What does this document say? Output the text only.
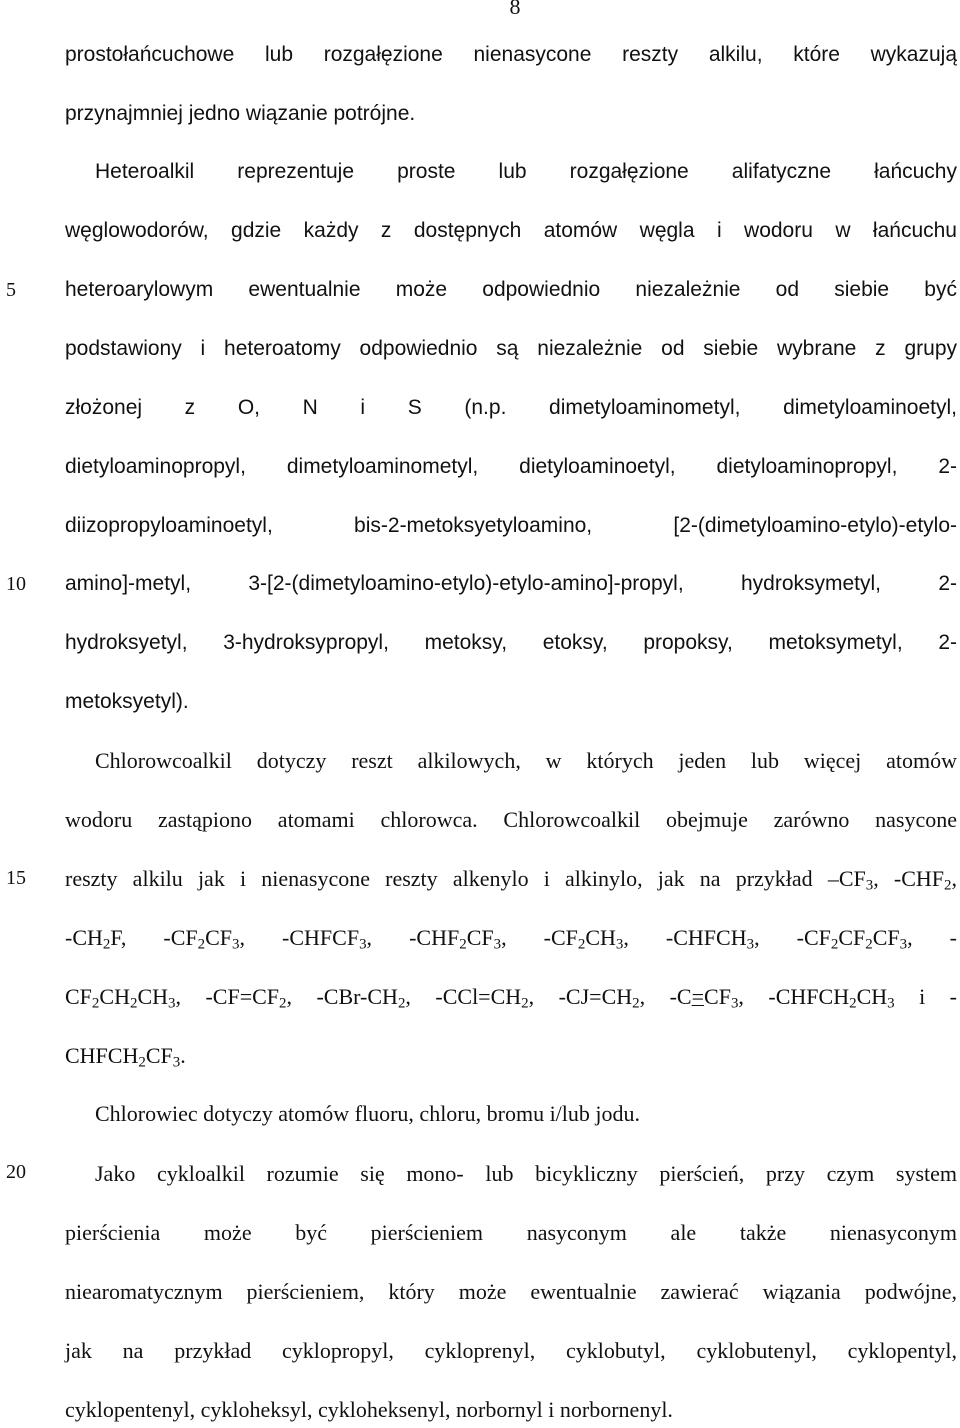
8
5
10
15
20
prostołańcuchowe lub rozgałęzione nienasycone reszty alkilu, które wykazują
przynajmniej jedno wiązanie potrójne.
Heteroalkil reprezentuje proste lub rozgałęzione alifatyczne łańcuchy
węglowodorów, gdzie każdy z dostępnych atomów węgla i wodoru w łańcuchu
heteroarylowym ewentualnie może odpowiednio niezależnie od siebie być
podstawiony i heteroatomy odpowiednio są niezależnie od siebie wybrane z grupy
złożonej z O, N i S (n.p. dimetyloaminometyl, dimetyloaminoetyl,
dietyloaminopropyl, dimetyloaminometyl, dietyloaminoetyl, dietyloaminopropyl, 2-
diizopropyloaminoetyl, bis-2-metoksyetyloamino, [2-(dimetyloamino-etylo)-etylo-
amino]-metyl, 3-[2-(dimetyloamino-etylo)-etylo-amino]-propyl, hydroksymetyl, 2-
hydroksyetyl, 3-hydroksypropyl, metoksy, etoksy, propoksy, metoksymetyl, 2-
metoksyetyl).
Chlorowcoalkil dotyczy reszt alkilowych, w których jeden lub więcej atomów
wodoru zastąpiono atomami chlorowca. Chlorowcoalkil obejmuje zarówno nasycone
reszty alkilu jak i nienasycone reszty alkenylo i alkinylo, jak na przykład $-CF_3$, $-CHF_2$,
$-CH_2F$, $-CF_2CF_3$, $-CHFCF_3$, $-CHF_2CF_3$, $-CF_2CH_3$, $-CHFCH_3$, $-CF_2CF_2CF_3$, -
$CF_2CH_2CH_3$, $-CF=CF_2$, $-CBr-CH_2$, $-CCl=CH_2$, $-CJ=CH_2$, $-C=CF_3$, $-CHFCH_2CH_3$ i -
$CHFCH_2CF_3$.
Chlorowiec dotyczy atomów fluoru, chloru, bromu i/lub jodu.
Jako cykloalkil rozumie się mono- lub bicykliczny pierścień, przy czym system
pierścienia może być pierścieniem nasyconym ale także nienasyconym
niearomatycznym pierścieniem, który może ewentualnie zawierać wiązania podwójne,
jak na przykład cyklopropyl, cykloprenyl, cyklobutyl, cyklobutenyl, cyklopentyl,
cyklopentenyl, cykloheksyl, cykloheksenyl, norbornyl i norbornenyl.
